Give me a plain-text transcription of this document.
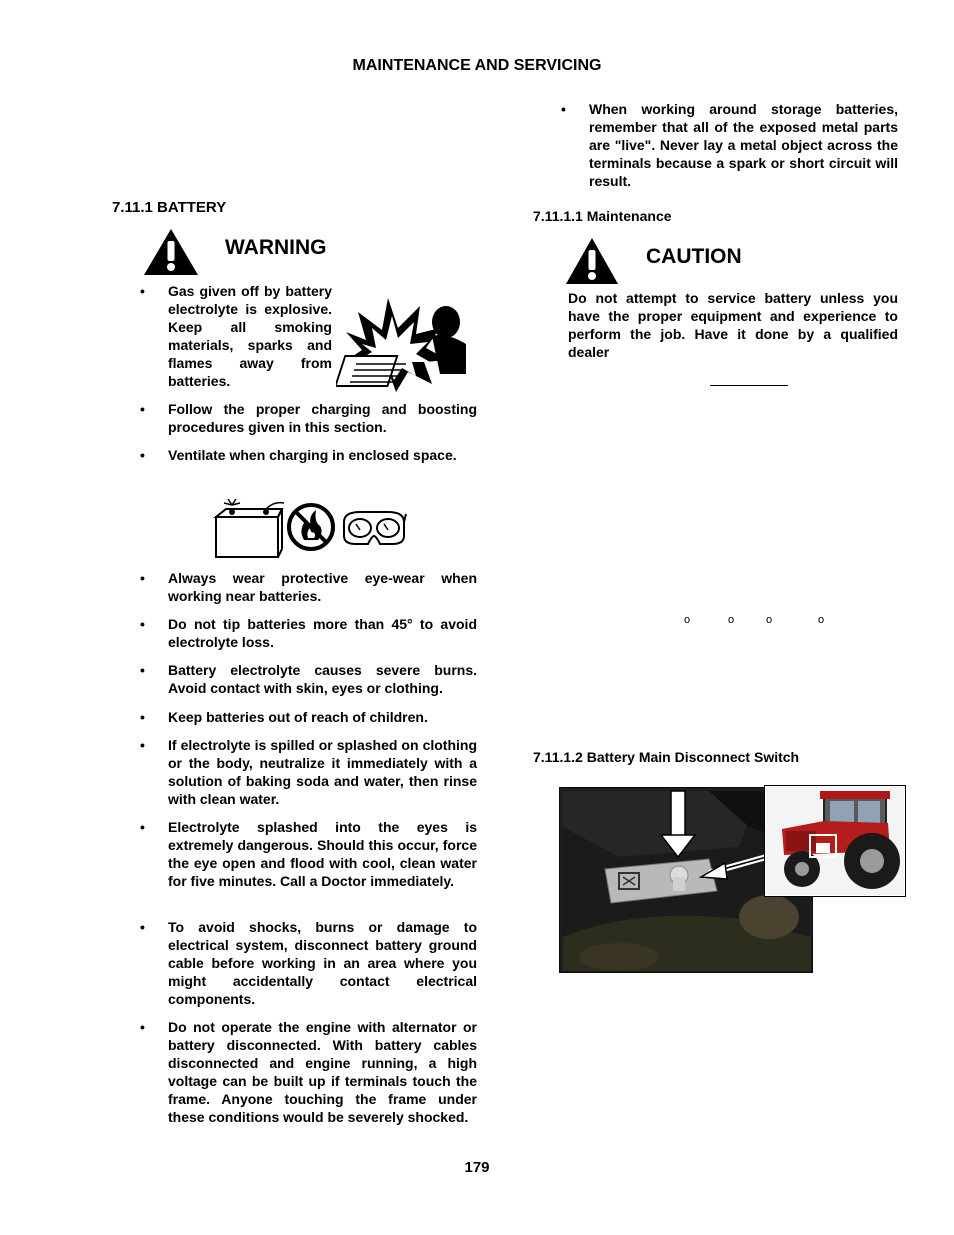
MAINTENANCE AND SERVICING
7.11.1 BATTERY
WARNING
• Gas given off by battery electrolyte is explosive. Keep all smoking materials, sparks and flames away from batteries.
• Follow the proper charging and boosting procedures given in this section.
• Ventilate when charging in enclosed space.
• Always wear protective eye-wear when working near batteries.
• Do not tip batteries more than 45° to avoid electrolyte loss.
• Battery electrolyte causes severe burns. Avoid contact with skin, eyes or clothing.
• Keep batteries out of reach of children.
• If electrolyte is spilled or splashed on clothing or the body, neutralize it immediately with a solution of baking soda and water, then rinse with clean water.
• Electrolyte splashed into the eyes is extremely dangerous. Should this occur, force the eye open and flood with cool, clean water for five minutes. Call a Doctor immediately.
• To avoid shocks, burns or damage to electrical system, disconnect battery ground cable before working in an area where you might accidentally contact electrical components.
• Do not operate the engine with alternator or battery disconnected. With battery cables disconnected and engine running, a high voltage can be built up if terminals touch the frame. Anyone touching the frame under these conditions would be severely shocked.
• When working around storage batteries, remember that all of the exposed metal parts are "live". Never lay a metal object across the terminals because a spark or short circuit will result.
7.11.1.1 Maintenance
CAUTION
Do not attempt to service battery unless you have the proper equipment and experience to perform the job. Have it done by a qualified dealer
o	o	o	o
7.11.1.2 Battery Main Disconnect Switch
179
